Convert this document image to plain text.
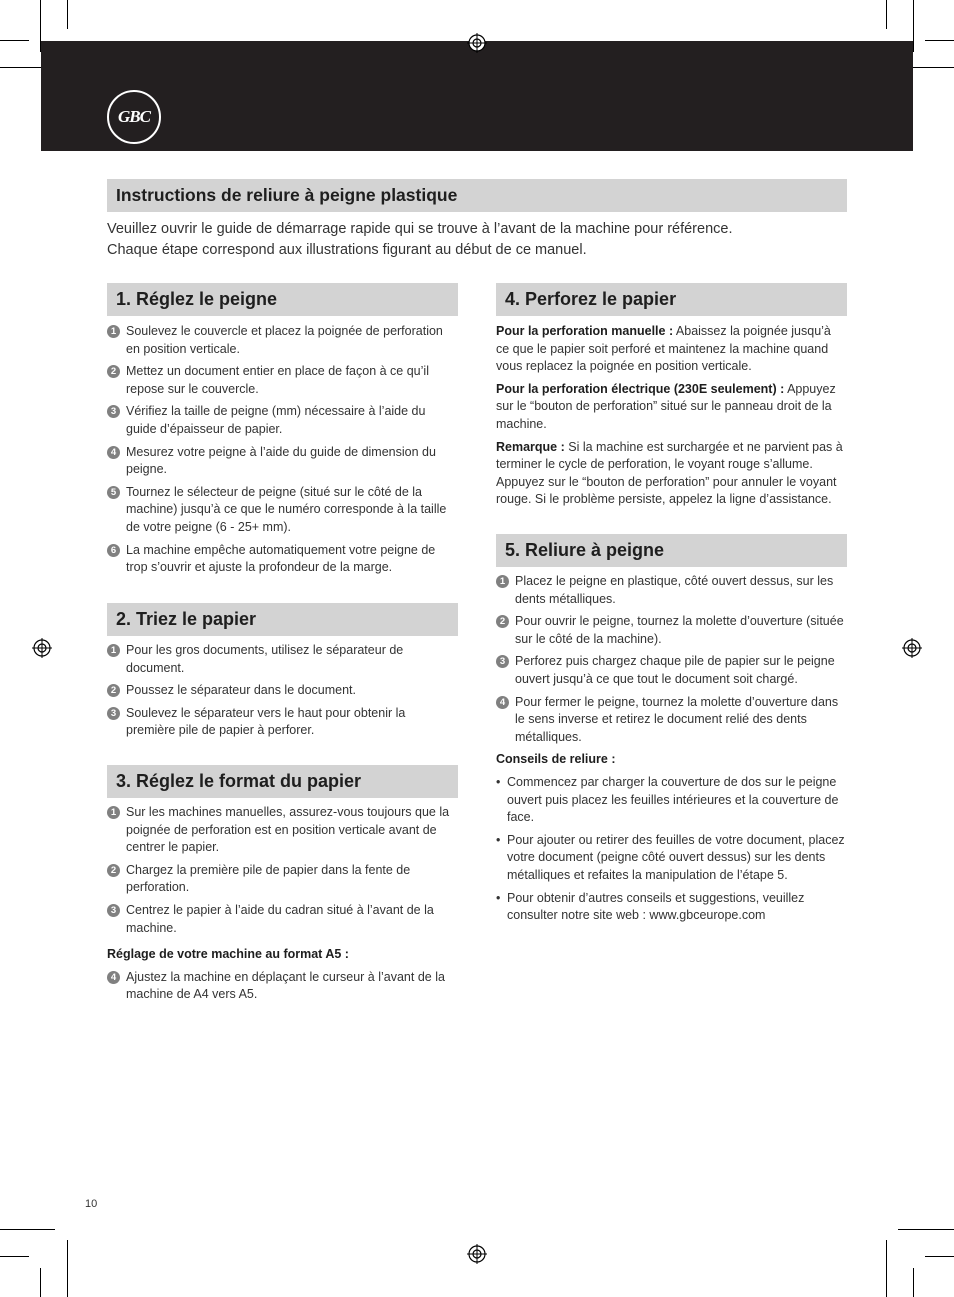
GBC
Instructions de reliure à peigne plastique
Veuillez ouvrir le guide de démarrage rapide qui se trouve à l’avant de la machine pour référence.
Chaque étape correspond aux illustrations figurant au début de ce manuel.
1. Réglez le peigne
1 Soulevez le couvercle et placez la poignée de perforation en position verticale.
2 Mettez un document entier en place de façon à ce qu’il repose sur le couvercle.
3 Vérifiez la taille de peigne (mm) nécessaire à l’aide du guide d’épaisseur de papier.
4 Mesurez votre peigne à l’aide du guide de dimension du peigne.
5 Tournez le sélecteur de peigne (situé sur le côté de la machine) jusqu’à ce que le numéro corresponde à la taille de votre peigne (6 - 25+ mm).
6 La machine empêche automatiquement votre peigne de trop s’ouvrir et ajuste la profondeur de la marge.
2. Triez le papier
1 Pour les gros documents, utilisez le séparateur de document.
2 Poussez le séparateur dans le document.
3 Soulevez le séparateur vers le haut pour obtenir la première pile de papier à perforer.
3. Réglez le format du papier
1 Sur les machines manuelles, assurez-vous toujours que la poignée de perforation est en position verticale avant de centrer le papier.
2 Chargez la première pile de papier dans la fente de perforation.
3 Centrez le papier à l’aide du cadran situé à l’avant de la machine.
Réglage de votre machine au format A5 :
4 Ajustez la machine en déplaçant le curseur à l’avant de la machine de A4 vers A5.
4. Perforez le papier
Pour la perforation manuelle : Abaissez la poignée jusqu’à ce que le papier soit perforé et maintenez la machine quand vous replacez la poignée en position verticale.
Pour la perforation électrique (230E seulement) : Appuyez sur le “bouton de perforation” situé sur le panneau droit de la machine.
Remarque : Si la machine est surchargée et ne parvient pas à terminer le cycle de perforation, le voyant rouge s’allume. Appuyez sur le “bouton de perforation” pour annuler le voyant rouge. Si le problème persiste, appelez la ligne d’assistance.
5. Reliure à peigne
1 Placez le peigne en plastique, côté ouvert dessus, sur les dents métalliques.
2 Pour ouvrir le peigne, tournez la molette d’ouverture (située sur le côté de la machine).
3 Perforez puis chargez chaque pile de papier sur le peigne ouvert jusqu’à ce que tout le document soit chargé.
4 Pour fermer le peigne, tournez la molette d’ouverture dans le sens inverse et retirez le document relié des dents métalliques.
Conseils de reliure :
• Commencez par charger la couverture de dos sur le peigne ouvert puis placez les feuilles intérieures et la couverture de face.
• Pour ajouter ou retirer des feuilles de votre document, placez votre document (peigne côté ouvert dessus) sur les dents métalliques et refaites la manipulation de l’étape 5.
• Pour obtenir d’autres conseils et suggestions, veuillez consulter notre site web : www.gbceurope.com
10
